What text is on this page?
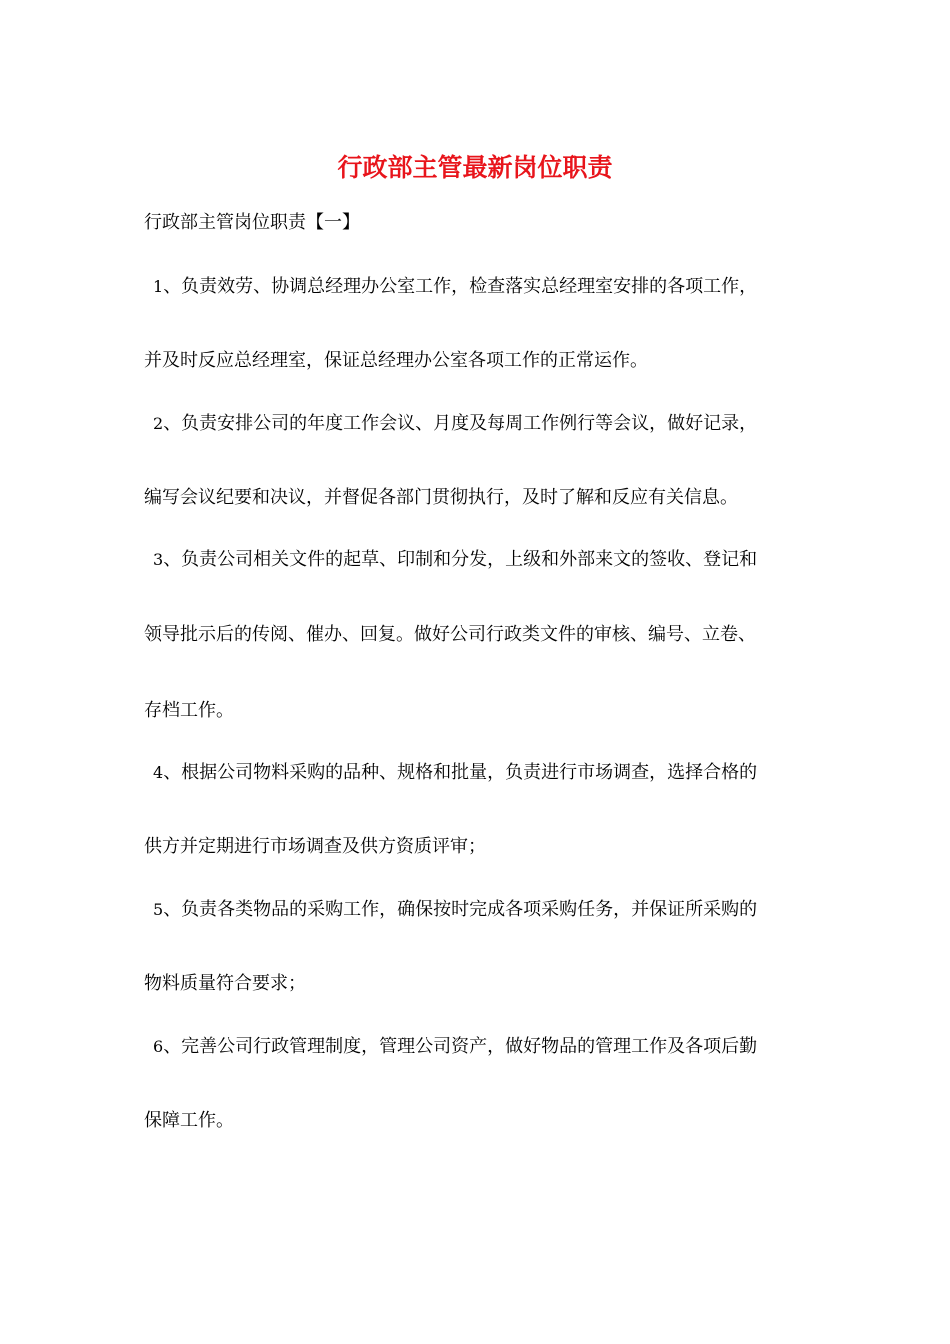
行政部主管最新岗位职责
行政部主管岗位职责【一】
1、负责效劳、协调总经理办公室工作，检查落实总经理室安排的各项工作，
并及时反应总经理室，保证总经理办公室各项工作的正常运作。
2、负责安排公司的年度工作会议、月度及每周工作例行等会议，做好记录，
编写会议纪要和决议，并督促各部门贯彻执行，及时了解和反应有关信息。
3、负责公司相关文件的起草、印制和分发，上级和外部来文的签收、登记和
领导批示后的传阅、催办、回复。做好公司行政类文件的审核、编号、立卷、
存档工作。
4、根据公司物料采购的品种、规格和批量，负责进行市场调查，选择合格的
供方并定期进行市场调查及供方资质评审；
5、负责各类物品的采购工作，确保按时完成各项采购任务，并保证所采购的
物料质量符合要求；
6、完善公司行政管理制度，管理公司资产，做好物品的管理工作及各项后勤
保障工作。
